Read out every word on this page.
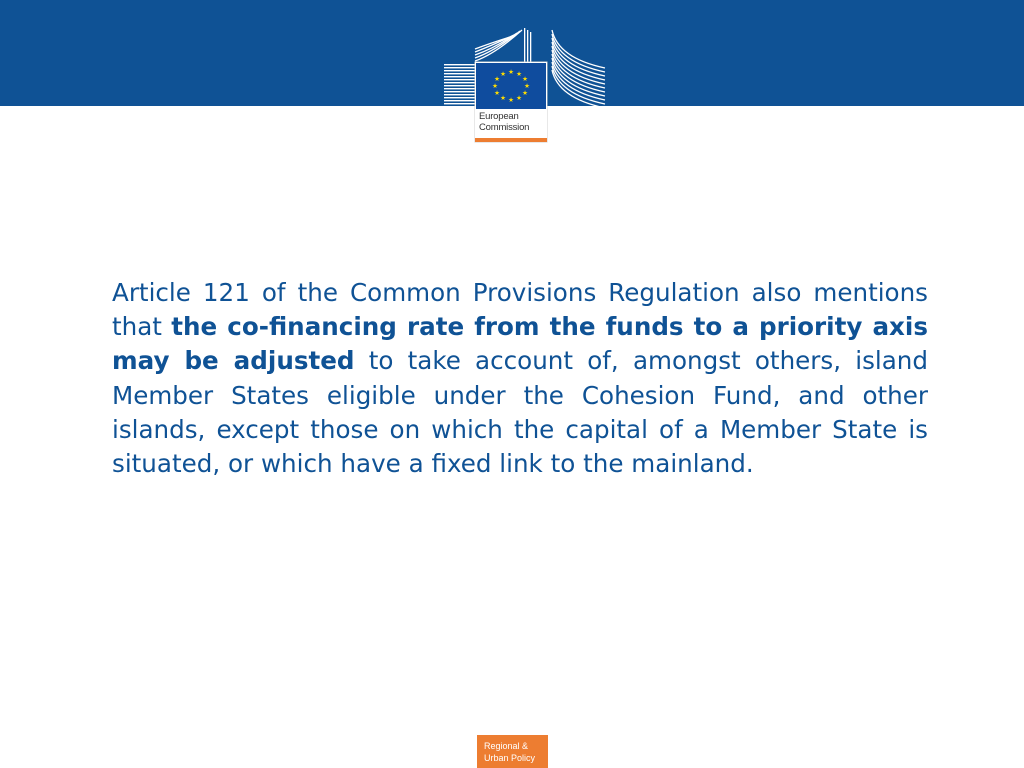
★ ★
★
★
★
★
★
★
★
★
★
★
European
Commission
Article 121 of the Common Provisions Regulation also mentions that the co-financing rate from the funds to a priority axis may be adjusted to take account of, amongst others, island Member States eligible under the Cohesion Fund, and other islands, except those on which the capital of a Member State is situated, or which have a fixed link to the mainland.
Regional &
Urban Policy
